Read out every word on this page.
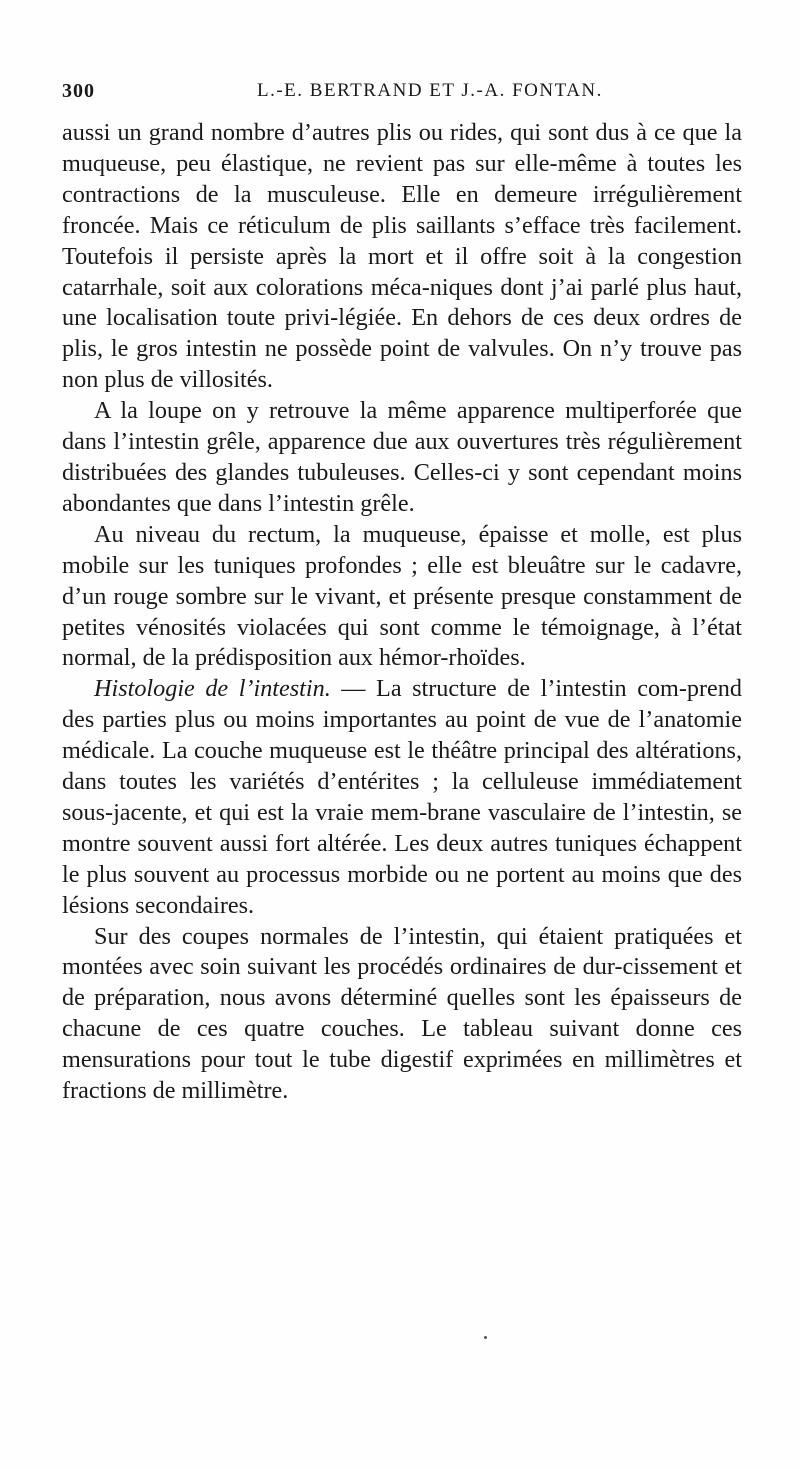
300	L.-E. BERTRAND ET J.-A. FONTAN.

aussi un grand nombre d’autres plis ou rides, qui sont dus à ce que la muqueuse, peu élastique, ne revient pas sur elle-même à toutes les contractions de la musculeuse. Elle en demeure irrégulièrement froncée. Mais ce réticulum de plis saillants s’efface très facilement. Toutefois il persiste après la mort et il offre soit à la congestion catarrhale, soit aux colorations méca-niques dont j’ai parlé plus haut, une localisation toute privi-légiée. En dehors de ces deux ordres de plis, le gros intestin ne possède point de valvules. On n’y trouve pas non plus de villosités.

A la loupe on y retrouve la même apparence multiperforée que dans l’intestin grêle, apparence due aux ouvertures très régulièrement distribuées des glandes tubuleuses. Celles-ci y sont cependant moins abondantes que dans l’intestin grêle.

Au niveau du rectum, la muqueuse, épaisse et molle, est plus mobile sur les tuniques profondes ; elle est bleuâtre sur le cadavre, d’un rouge sombre sur le vivant, et présente presque constamment de petites vénosités violacées qui sont comme le témoignage, à l’état normal, de la prédisposition aux hémor-rhoïdes.

Histologie de l’intestin. — La structure de l’intestin com-prend des parties plus ou moins importantes au point de vue de l’anatomie médicale. La couche muqueuse est le théâtre principal des altérations, dans toutes les variétés d’entérites ; la celluleuse immédiatement sous-jacente, et qui est la vraie mem-brane vasculaire de l’intestin, se montre souvent aussi fort altérée. Les deux autres tuniques échappent le plus souvent au processus morbide ou ne portent au moins que des lésions secondaires.

Sur des coupes normales de l’intestin, qui étaient pratiquées et montées avec soin suivant les procédés ordinaires de dur-cissement et de préparation, nous avons déterminé quelles sont les épaisseurs de chacune de ces quatre couches. Le tableau suivant donne ces mensurations pour tout le tube digestif exprimées en millimètres et fractions de millimètre.
